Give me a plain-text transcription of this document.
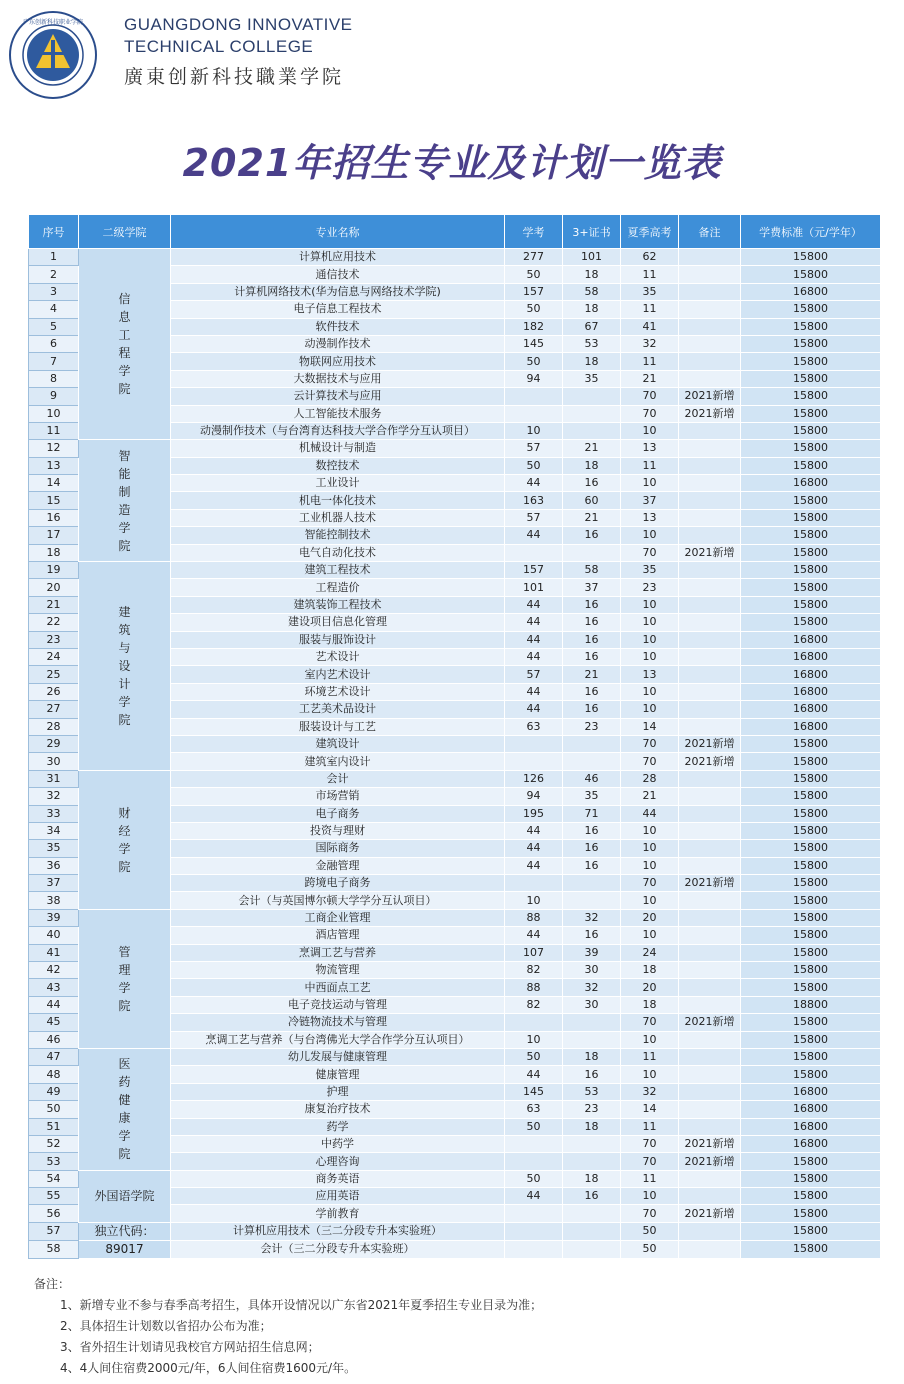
广东创新科技职业学院 GUANGDONG INNOVATIVE
TECHNICAL COLLEGE
廣東创新科技職業学院
2021年招生专业及计划一览表
序号	二级学院	专业名称	学考	3+证书	夏季高考	备注	学费标准（元/学年）
1	信息工程学院	计算机应用技术	277	101	62		15800
2		通信技术	50	18	11		15800
3		计算机网络技术(华为信息与网络技术学院)	157	58	35		16800
4		电子信息工程技术	50	18	11		15800
5		软件技术	182	67	41		15800
6		动漫制作技术	145	53	32		15800
7		物联网应用技术	50	18	11		15800
8		大数据技术与应用	94	35	21		15800
9		云计算技术与应用			70	2021新增	15800
10		人工智能技术服务			70	2021新增	15800
11		动漫制作技术（与台湾育达科技大学合作学分互认项目）	10		10		15800
12	智能制造学院	机械设计与制造	57	21	13		15800
13		数控技术	50	18	11		15800
14		工业设计	44	16	10		16800
15		机电一体化技术	163	60	37		15800
16		工业机器人技术	57	21	13		15800
17		智能控制技术	44	16	10		15800
18		电气自动化技术			70	2021新增	15800
19	建筑与设计学院	建筑工程技术	157	58	35		15800
20		工程造价	101	37	23		15800
21		建筑装饰工程技术	44	16	10		15800
22		建设项目信息化管理	44	16	10		15800
23		服装与服饰设计	44	16	10		16800
24		艺术设计	44	16	10		16800
25		室内艺术设计	57	21	13		16800
26		环境艺术设计	44	16	10		16800
27		工艺美术品设计	44	16	10		16800
28		服装设计与工艺	63	23	14		16800
29		建筑设计			70	2021新增	15800
30		建筑室内设计			70	2021新增	15800
31	财经学院	会计	126	46	28		15800
32		市场营销	94	35	21		15800
33		电子商务	195	71	44		15800
34		投资与理财	44	16	10		15800
35		国际商务	44	16	10		15800
36		金融管理	44	16	10		15800
37		跨境电子商务			70	2021新增	15800
38		会计（与英国博尔顿大学学分互认项目）	10		10		15800
39	管理学院	工商企业管理	88	32	20		15800
40		酒店管理	44	16	10		15800
41		烹调工艺与营养	107	39	24		15800
42		物流管理	82	30	18		15800
43		中西面点工艺	88	32	20		15800
44		电子竞技运动与管理	82	30	18		18800
45		冷链物流技术与管理			70	2021新增	15800
46		烹调工艺与营养（与台湾佛光大学合作学分互认项目）	10		10		15800
47	医药健康学院	幼儿发展与健康管理	50	18	11		15800
48		健康管理	44	16	10		15800
49		护理	145	53	32		16800
50		康复治疗技术	63	23	14		16800
51		药学	50	18	11		16800
52		中药学			70	2021新增	16800
53		心理咨询			70	2021新增	15800
54	外国语学院	商务英语	50	18	11		15800
55		应用英语	44	16	10		15800
56		学前教育			70	2021新增	15800
57	独立代码：	计算机应用技术（三二分段专升本实验班）			50		15800
58	89017	会计（三二分段专升本实验班）			50		15800
备注：
1、新增专业不参与春季高考招生，具体开设情况以广东省2021年夏季招生专业目录为准；
2、具体招生计划数以省招办公布为准；
3、省外招生计划请见我校官方网站招生信息网；
4、4人间住宿费2000元/年，6人间住宿费1600元/年。
